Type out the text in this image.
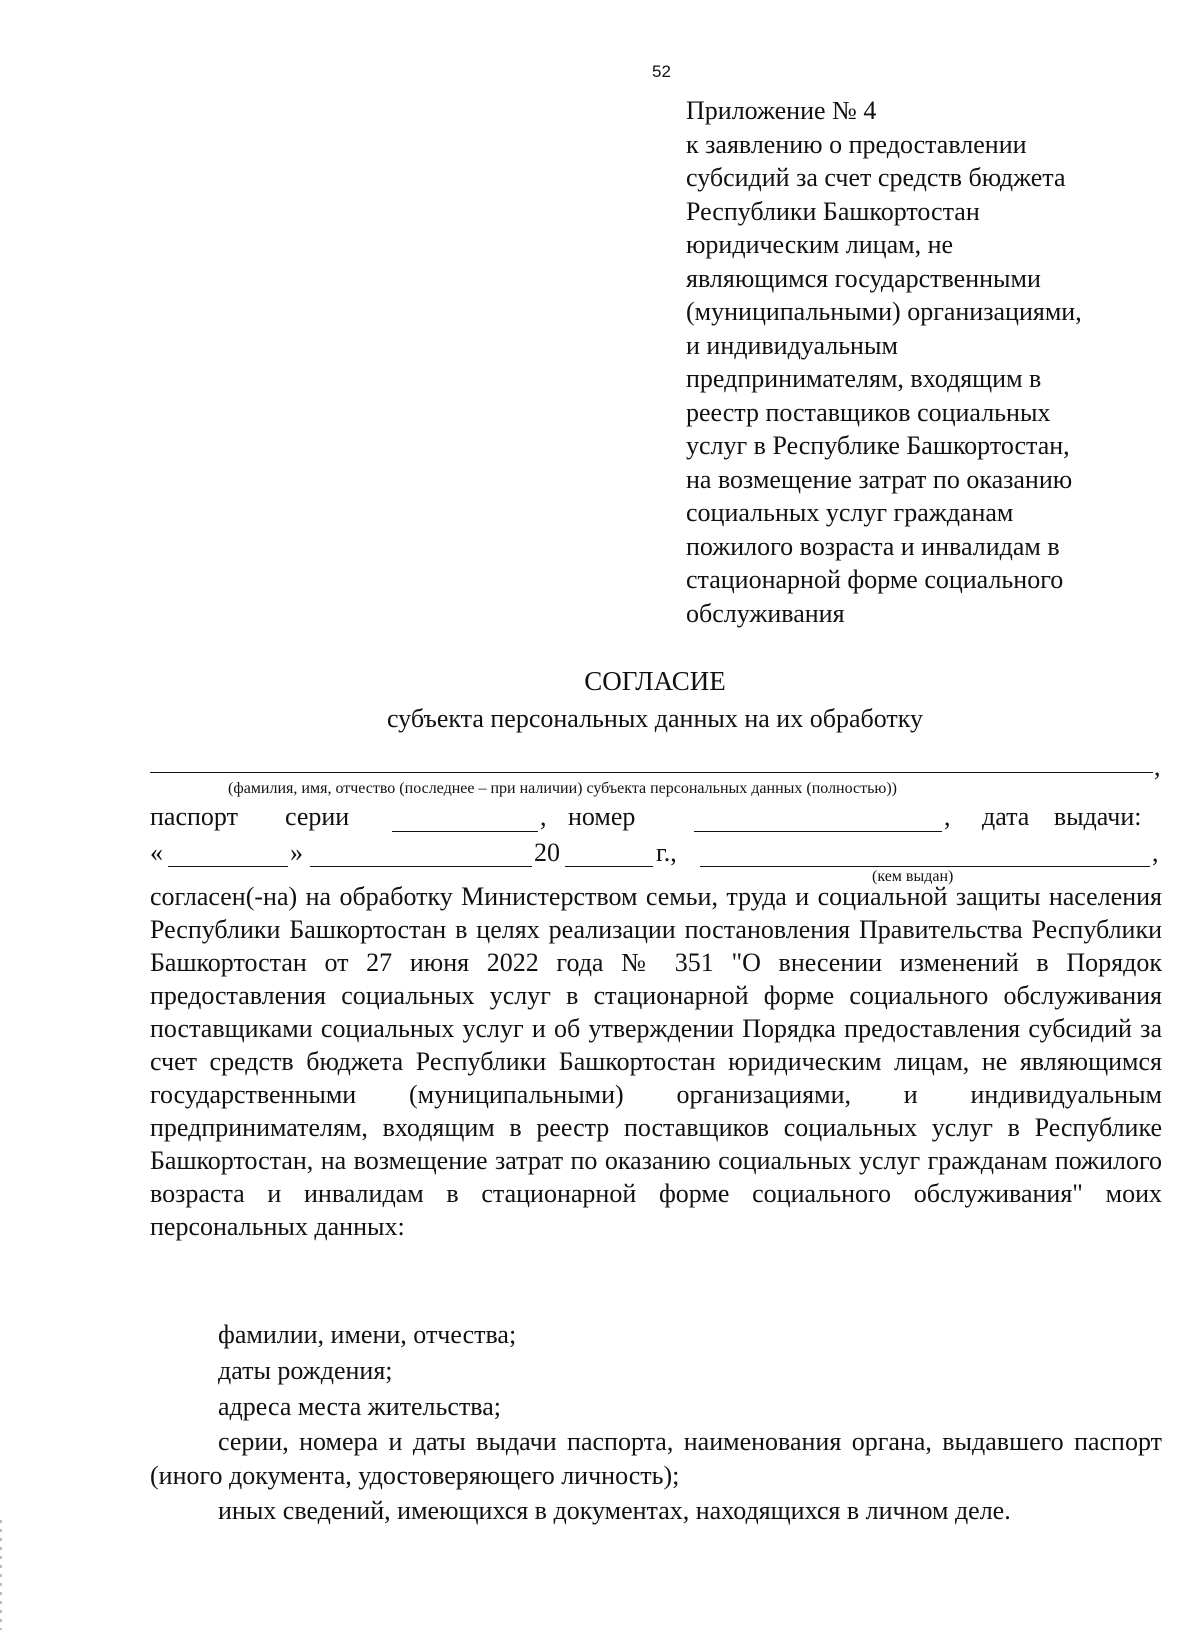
52
Приложение № 4
к заявлению о предоставлении
субсидий за счет средств бюджета
Республики Башкортостан
юридическим лицам, не
являющимся государственными
(муниципальными) организациями,
и индивидуальным
предпринимателям, входящим в
реестр поставщиков социальных
услуг в Республике Башкортостан,
на возмещение затрат по оказанию
социальных услуг гражданам
пожилого возраста и инвалидам в
стационарной форме социального
обслуживания
СОГЛАСИЕ
субъекта персональных данных на их обработку
,
(фамилия, имя, отчество (последнее – при наличии) субъекта персональных данных (полностью))
паспорт серии	, номер	, дата выдачи:
«	»	20	г.,	,
(кем выдан)
согласен(-на) на обработку Министерством семьи, труда и социальной защиты населения Республики Башкортостан в целях реализации постановления Правительства Республики Башкортостан от 27 июня 2022 года № 351 "О внесении изменений в Порядок предоставления социальных услуг в стационарной форме социального обслуживания поставщиками социальных услуг и об утверждении Порядка предоставления субсидий за счет средств бюджета Республики Башкортостан юридическим лицам, не являющимся государственными (муниципальными) организациями, и индивидуальным предпринимателям, входящим в реестр поставщиков социальных услуг в Республике Башкортостан, на возмещение затрат по оказанию социальных услуг гражданам пожилого возраста и инвалидам в стационарной форме социального обслуживания" моих персональных данных:
фамилии, имени, отчества;
даты рождения;
адреса места жительства;
серии, номера и даты выдачи паспорта, наименования органа, выдавшего паспорт (иного документа, удостоверяющего личность);
иных сведений, имеющихся в документах, находящихся в личном деле.
